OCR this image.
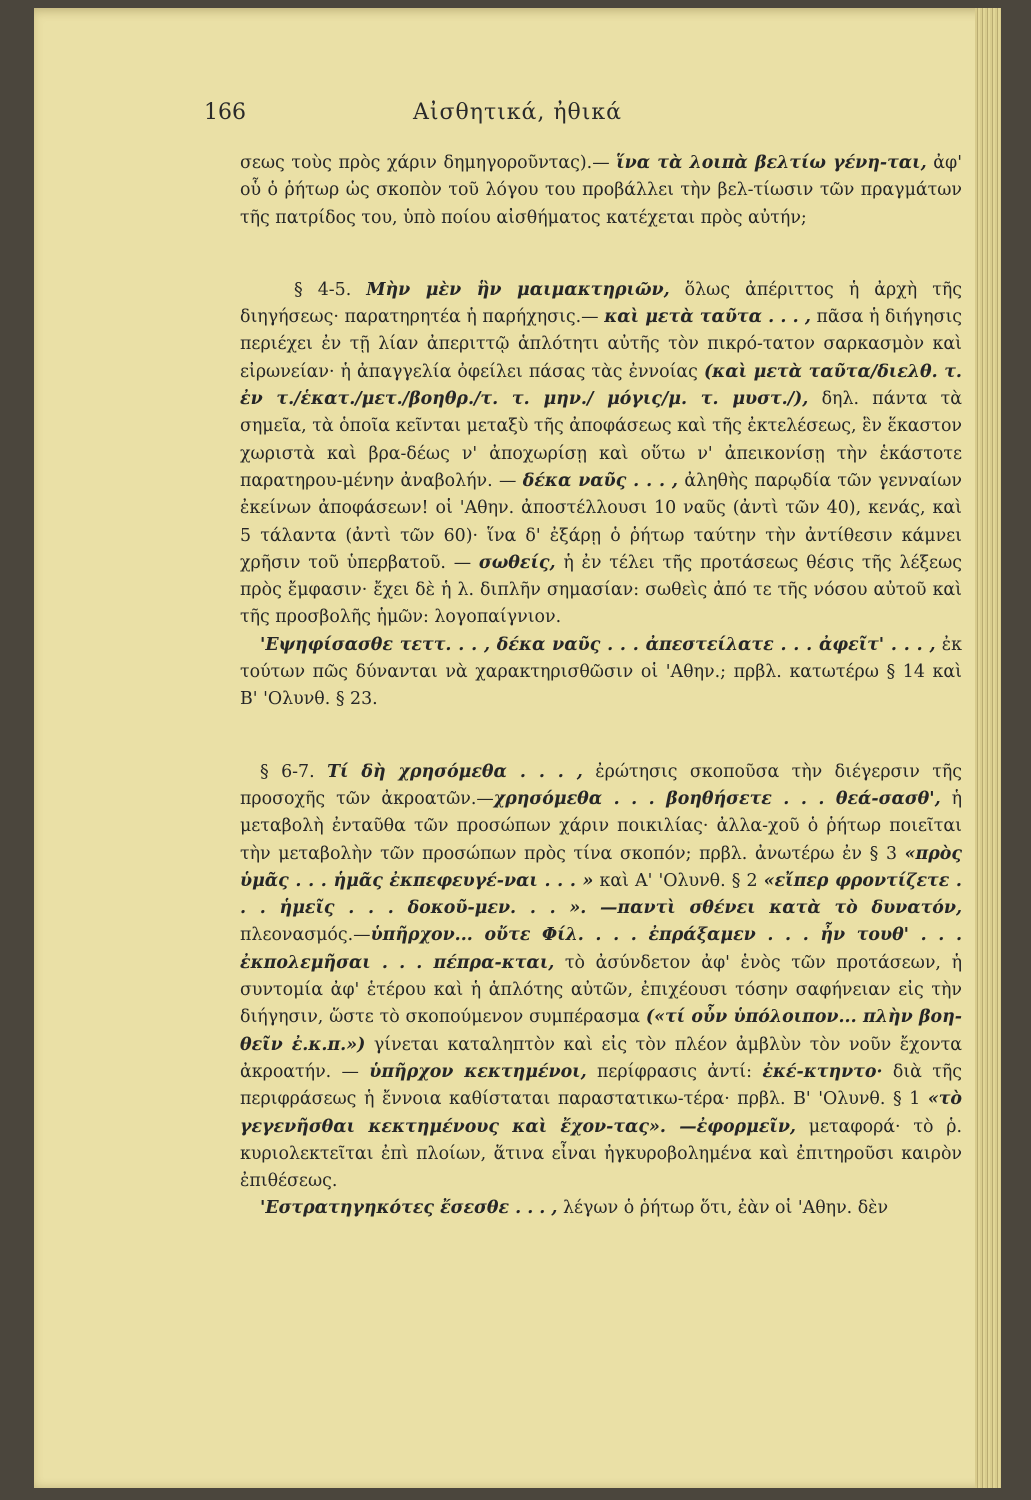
166	Αἰσθητικά, ἠθικά

σεως τοὺς πρὸς χάριν δημηγοροῦντας).— ἵνα τὰ λοιπὰ βελτίω γένη-ται, ἀφ' οὗ ὁ ῥήτωρ ὡς σκοπὸν τοῦ λόγου του προβάλλει τὴν βελ-τίωσιν τῶν πραγμάτων τῆς πατρίδος του, ὑπὸ ποίου αἰσθήματος κατέχεται πρὸς αὐτήν;

§ 4-5. Μὴν μὲν ἣν μαιμακτηριῶν, ὅλως ἀπέριττος ἡ ἀρχὴ τῆς διηγήσεως· παρατηρητέα ἡ παρήχησις.— καὶ μετὰ ταῦτα . . . , πᾶσα ἡ διήγησις περιέχει ἐν τῇ λίαν ἀπεριττῷ ἁπλότητι αὐτῆς τὸν πικρό-τατον σαρκασμὸν καὶ εἰρωνείαν· ἡ ἀπαγγελία ὀφείλει πάσας τὰς ἐννοίας (καὶ μετὰ ταῦτα/διελθ. τ. ἐν τ./ἑκατ./μετ./βοηθρ./τ. τ. μην./ μόγις/μ. τ. μυστ./), δηλ. πάντα τὰ σημεῖα, τὰ ὁποῖα κεῖνται μεταξὺ τῆς ἀποφάσεως καὶ τῆς ἐκτελέσεως, ἓν ἕκαστον χωριστὰ καὶ βρα-δέως ν' ἀποχωρίσῃ καὶ οὕτω ν' ἀπεικονίσῃ τὴν ἑκάστοτε παρατηρου-μένην ἀναβολήν. — δέκα ναῦς . . . , ἀληθὴς παρῳδία τῶν γενναίων ἐκείνων ἀποφάσεων! οἱ 'Αθην. ἀποστέλλουσι 10 ναῦς (ἀντὶ τῶν 40), κενάς, καὶ 5 τάλαντα (ἀντὶ τῶν 60)· ἵνα δ' ἐξάρῃ ὁ ῥήτωρ ταύτην τὴν ἀντίθεσιν κάμνει χρῆσιν τοῦ ὑπερβατοῦ. — σωθείς, ἡ ἐν τέλει τῆς προτάσεως θέσις τῆς λέξεως πρὸς ἔμφασιν· ἔχει δὲ ἡ λ. διπλῆν σημασίαν: σωθεὶς ἀπό τε τῆς νόσου αὐτοῦ καὶ τῆς προσβολῆς ἡμῶν: λογοπαίγνιον.

'Εψηφίσασθε τεττ. . . , δέκα ναῦς . . . ἀπεστείλατε . . . ἀφεῖτ' . . . , ἐκ τούτων πῶς δύνανται νὰ χαρακτηρισθῶσιν οἱ 'Αθην.; πρβλ. κατωτέρω § 14 καὶ Β' 'Ολυνθ. § 23.

§ 6-7. Τί δὴ χρησόμεθα . . . , ἐρώτησις σκοποῦσα τὴν διέγερσιν τῆς προσοχῆς τῶν ἀκροατῶν.—χρησόμεθα . . . βοηθήσετε . . . θεά-σασθ', ἡ μεταβολὴ ἐνταῦθα τῶν προσώπων χάριν ποικιλίας· ἀλλα-χοῦ ὁ ῥήτωρ ποιεῖται τὴν μεταβολὴν τῶν προσώπων πρὸς τίνα σκοπόν; πρβλ. ἀνωτέρω ἐν § 3 «πρὸς ὑμᾶς . . . ἡμᾶς ἐκπεφευγέ-ναι . . . » καὶ Α' 'Ολυνθ. § 2 «εἴπερ φροντίζετε . . . ἡμεῖς . . . δοκοῦ-μεν. . . ». —παντὶ σθένει κατὰ τὸ δυνατόν, πλεονασμός.—ὑπῆρχον... οὔτε Φίλ. . . . ἐπράξαμεν . . . ἦν τουθ' . . . ἐκπολεμῆσαι . . . πέπρα-κται, τὸ ἀσύνδετον ἀφ' ἑνὸς τῶν προτάσεων, ἡ συντομία ἀφ' ἑτέρου καὶ ἡ ἁπλότης αὐτῶν, ἐπιχέουσι τόσην σαφήνειαν εἰς τὴν διήγησιν, ὥστε τὸ σκοπούμενον συμπέρασμα («τί οὖν ὑπόλοιπον... πλὴν βοη-θεῖν ἐ.κ.π.») γίνεται καταληπτὸν καὶ εἰς τὸν πλέον ἀμβλὺν τὸν νοῦν ἔχοντα ἀκροατήν. — ὑπῆρχον κεκτημένοι, περίφρασις ἀντί: ἐκέ-κτηντο· διὰ τῆς περιφράσεως ἡ ἔννοια καθίσταται παραστατικω-τέρα· πρβλ. Β' 'Ολυνθ. § 1 «τὸ γεγενῆσθαι κεκτημένους καὶ ἔχον-τας». —ἐφορμεῖν, μεταφορά· τὸ ῥ. κυριολεκτεῖται ἐπὶ πλοίων, ἅτινα εἶναι ἠγκυροβολημένα καὶ ἐπιτηροῦσι καιρὸν ἐπιθέσεως.

'Εστρατηγηκότες ἔσεσθε . . . , λέγων ὁ ῥήτωρ ὅτι, ἐὰν οἱ 'Αθην. δὲν
